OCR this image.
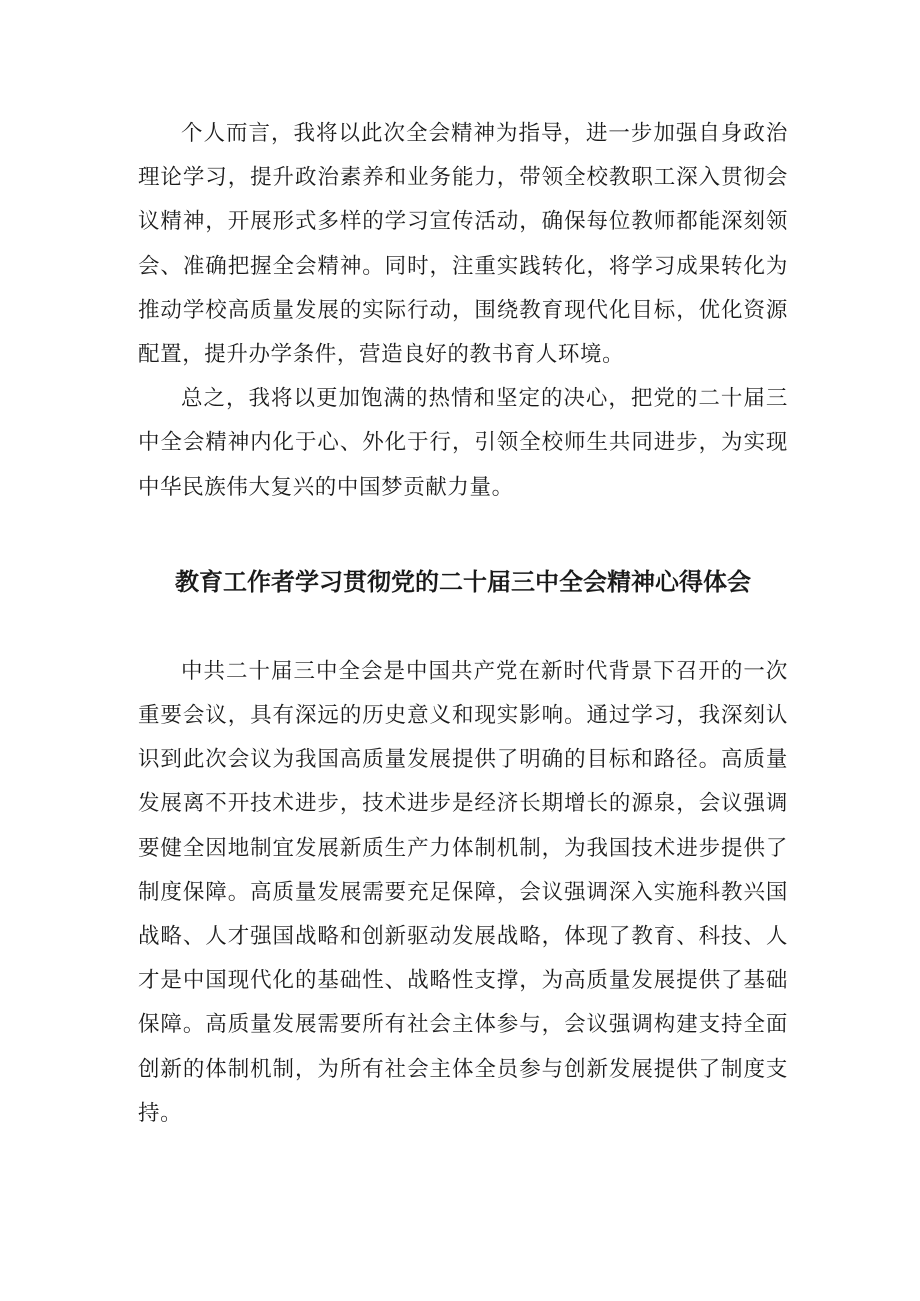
个人而言，我将以此次全会精神为指导，进一步加强自身政治理论学习，提升政治素养和业务能力，带领全校教职工深入贯彻会议精神，开展形式多样的学习宣传活动，确保每位教师都能深刻领会、准确把握全会精神。同时，注重实践转化，将学习成果转化为推动学校高质量发展的实际行动，围绕教育现代化目标，优化资源配置，提升办学条件，营造良好的教书育人环境。

总之，我将以更加饱满的热情和坚定的决心，把党的二十届三中全会精神内化于心、外化于行，引领全校师生共同进步，为实现中华民族伟大复兴的中国梦贡献力量。

教育工作者学习贯彻党的二十届三中全会精神心得体会

中共二十届三中全会是中国共产党在新时代背景下召开的一次重要会议，具有深远的历史意义和现实影响。通过学习，我深刻认识到此次会议为我国高质量发展提供了明确的目标和路径。高质量发展离不开技术进步，技术进步是经济长期增长的源泉，会议强调要健全因地制宜发展新质生产力体制机制，为我国技术进步提供了制度保障。高质量发展需要充足保障，会议强调深入实施科教兴国战略、人才强国战略和创新驱动发展战略，体现了教育、科技、人才是中国现代化的基础性、战略性支撑，为高质量发展提供了基础保障。高质量发展需要所有社会主体参与，会议强调构建支持全面创新的体制机制，为所有社会主体全员参与创新发展提供了制度支持。
